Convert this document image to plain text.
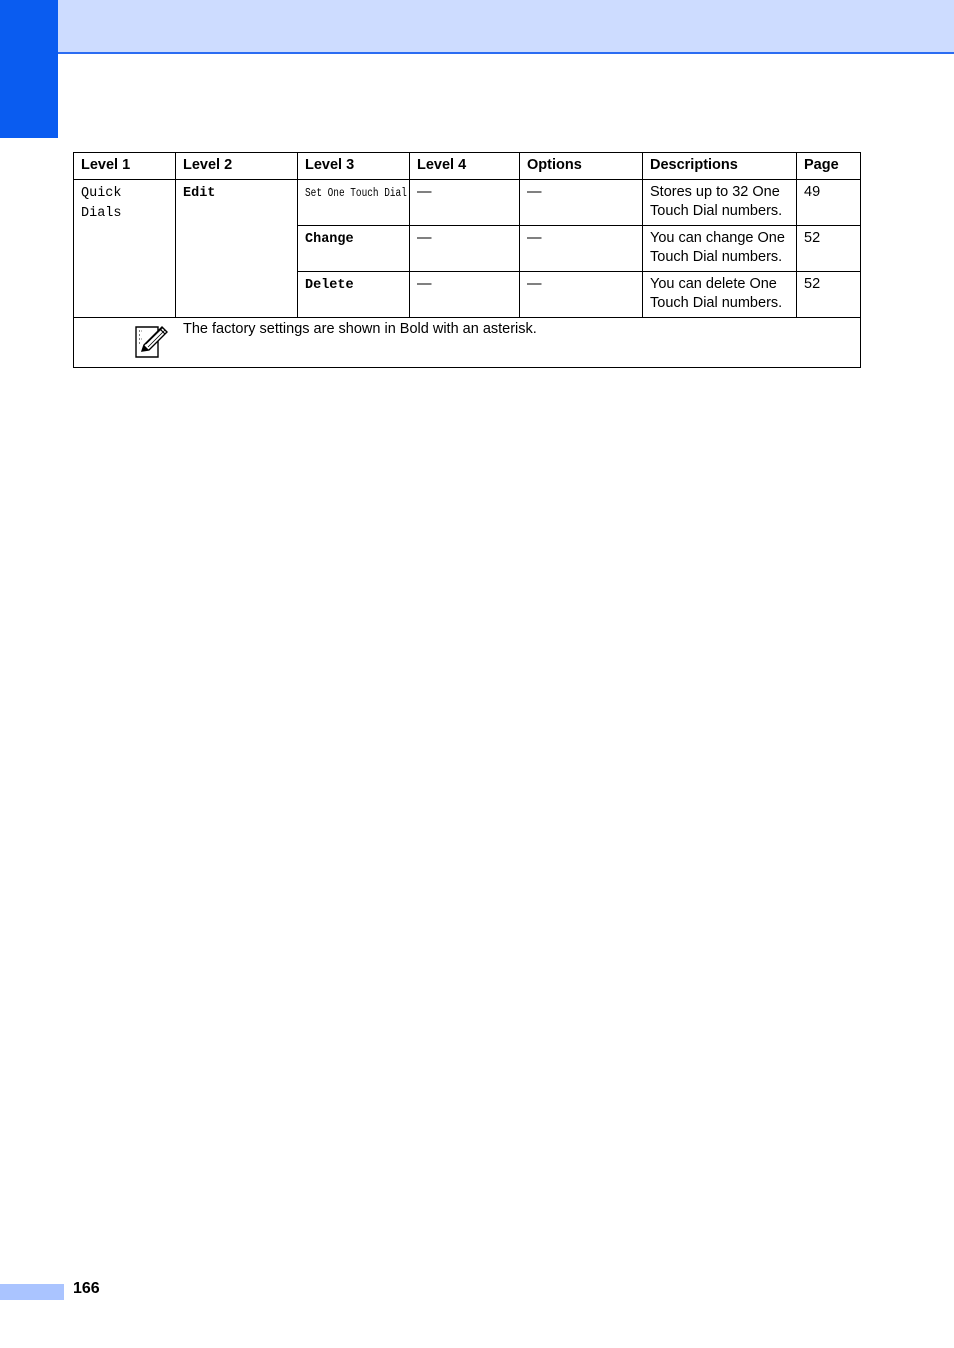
Level 1	Level 2	Level 3	Level 4	Options	Descriptions	Page
Quick Dials	Edit	Set One Touch Dial	—	—	Stores up to 32 One Touch Dial numbers.	49
		Change	—	—	You can change One Touch Dial numbers.	52
		Delete	—	—	You can delete One Touch Dial numbers.	52

The factory settings are shown in Bold with an asterisk.						
166
